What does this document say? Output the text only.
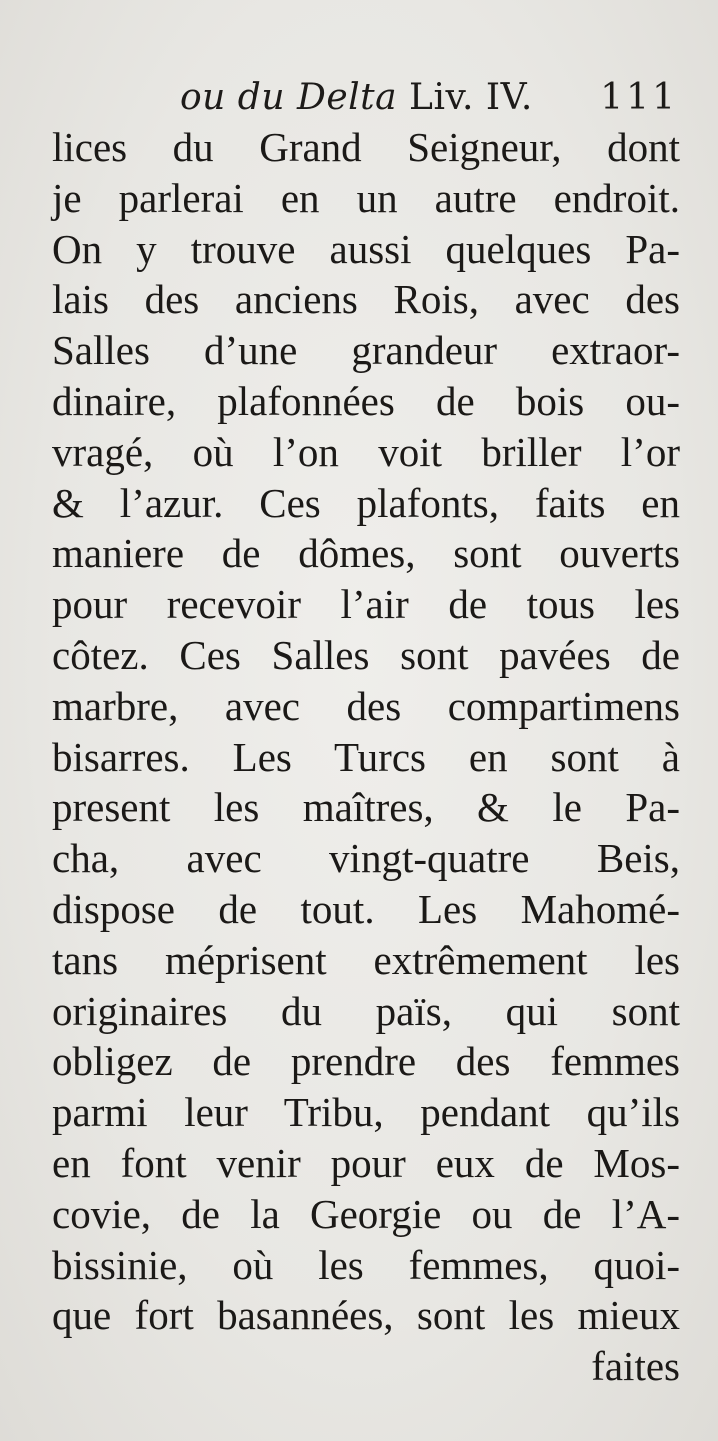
ou du Delta Liv. IV. 111
lices du Grand Seigneur, dont
je parlerai en un autre endroit.
On y trouve aussi quelques Pa-
lais des anciens Rois, avec des
Salles d’une grandeur extraor-
dinaire, plafonnées de bois ou-
vragé, où l’on voit briller l’or
& l’azur. Ces plafonts, faits en
maniere de dômes, sont ouverts
pour recevoir l’air de tous les
côtez. Ces Salles sont pavées de
marbre, avec des compartimens
bisarres. Les Turcs en sont à
present les maîtres, & le Pa-
cha, avec vingt-quatre Beis,
dispose de tout. Les Mahomé-
tans méprisent extrêmement les
originaires du païs, qui sont
obligez de prendre des femmes
parmi leur Tribu, pendant qu’ils
en font venir pour eux de Mos-
covie, de la Georgie ou de l’A-
bissinie, où les femmes, quoi-
que fort basannées, sont les mieux
faites
